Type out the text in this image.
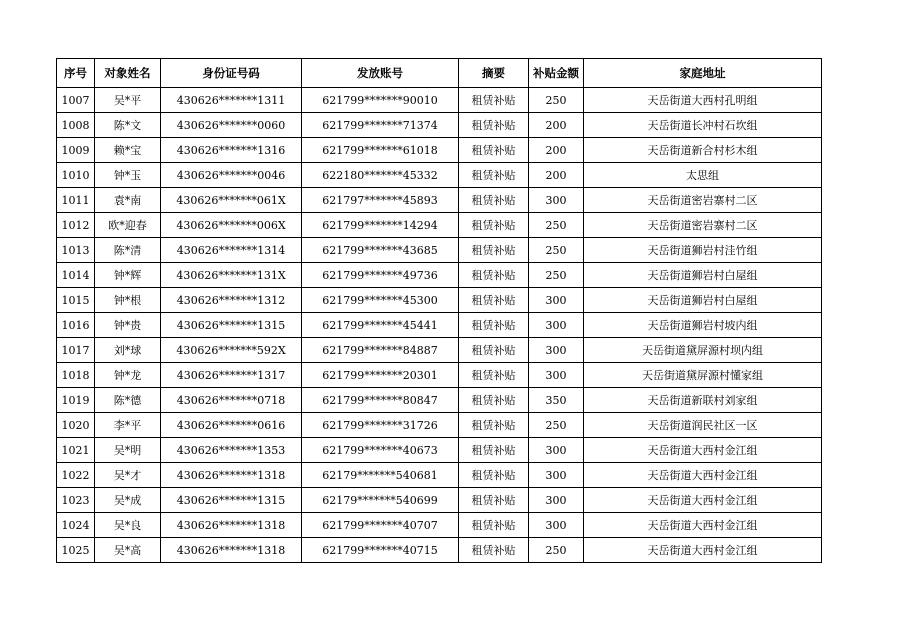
序号	对象姓名	身份证号码	发放账号	摘要	补贴金额	家庭地址
1007	吴*平	430626*******1311	621799*******90010	租赁补贴	250	天岳街道大西村孔明组
1008	陈*文	430626*******0060	621799*******71374	租赁补贴	200	天岳街道长冲村石坎组
1009	赖*宝	430626*******1316	621799*******61018	租赁补贴	200	天岳街道新合村杉木组
1010	钟*玉	430626*******0046	622180*******45332	租赁补贴	200	太思组
1011	袁*南	430626*******061X	621797*******45893	租赁补贴	300	天岳街道密岩寨村二区
1012	欧*迎春	430626*******006X	621799*******14294	租赁补贴	250	天岳街道密岩寨村二区
1013	陈*清	430626*******1314	621799*******43685	租赁补贴	250	天岳街道狮岩村洼竹组
1014	钟*辉	430626*******131X	621799*******49736	租赁补贴	250	天岳街道狮岩村白屋组
1015	钟*根	430626*******1312	621799*******45300	租赁补贴	300	天岳街道狮岩村白屋组
1016	钟*贵	430626*******1315	621799*******45441	租赁补贴	300	天岳街道狮岩村坡内组
1017	刘*球	430626*******592X	621799*******84887	租赁补贴	300	天岳街道黛屏源村坝内组
1018	钟*龙	430626*******1317	621799*******20301	租赁补贴	300	天岳街道黛屏源村懂家组
1019	陈*德	430626*******0718	621799*******80847	租赁补贴	350	天岳街道新联村刘家组
1020	李*平	430626*******0616	621799*******31726	租赁补贴	250	天岳街道润民社区一区
1021	吴*明	430626*******1353	621799*******40673	租赁补贴	300	天岳街道大西村金江组
1022	吴*才	430626*******1318	62179*******540681	租赁补贴	300	天岳街道大西村金江组
1023	吴*成	430626*******1315	62179*******540699	租赁补贴	300	天岳街道大西村金江组
1024	吴*良	430626*******1318	621799*******40707	租赁补贴	300	天岳街道大西村金江组
1025	吴*高	430626*******1318	621799*******40715	租赁补贴	250	天岳街道大西村金江组
